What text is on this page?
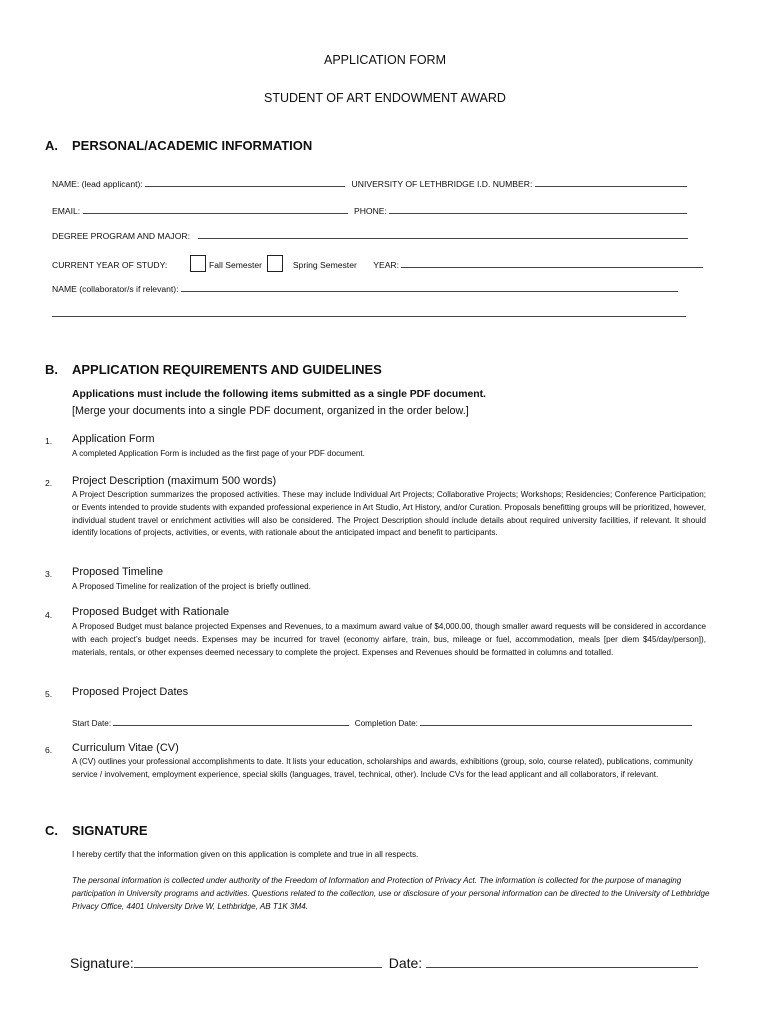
APPLICATION FORM
STUDENT OF ART ENDOWMENT AWARD
A. PERSONAL/ACADEMIC INFORMATION
NAME: (lead applicant):	UNIVERSITY OF LETHBRIDGE I.D. NUMBER:
EMAIL:	PHONE:
DEGREE PROGRAM AND MAJOR:
CURRENT YEAR OF STUDY:	Fall Semester	Spring Semester YEAR:
NAME (collaborator/s if relevant):
B. APPLICATION REQUIREMENTS AND GUIDELINES
Applications must include the following items submitted as a single PDF document.
[Merge your documents into a single PDF document, organized in the order below.]
1. Application Form
A completed Application Form is included as the first page of your PDF document.
2. Project Description (maximum 500 words)
A Project Description summarizes the proposed activities. These may include Individual Art Projects; Collaborative Projects; Workshops; Residencies; Conference Participation; or Events intended to provide students with expanded professional experience in Art Studio, Art History, and/or Curation. Proposals benefitting groups will be prioritized, however, individual student travel or enrichment activities will also be considered. The Project Description should include details about required university facilities, if relevant. It should identify locations of projects, activities, or events, with rationale about the anticipated impact and benefit to participants.
3. Proposed Timeline
A Proposed Timeline for realization of the project is briefly outlined.
4. Proposed Budget with Rationale
A Proposed Budget must balance projected Expenses and Revenues, to a maximum award value of $4,000.00, though smaller award requests will be considered in accordance with each project’s budget needs. Expenses may be incurred for travel (economy airfare, train, bus, mileage or fuel, accommodation, meals [per diem $45/day/person]), materials, rentals, or other expenses deemed necessary to complete the project. Expenses and Revenues should be formatted in columns and totalled.
5. Proposed Project Dates
Start Date:	Completion Date:
6. Curriculum Vitae (CV)
A (CV) outlines your professional accomplishments to date. It lists your education, scholarships and awards, exhibitions (group, solo, course related), publications, community service / involvement, employment experience, special skills (languages, travel, technical, other). Include CVs for the lead applicant and all collaborators, if relevant.
C. SIGNATURE
I hereby certify that the information given on this application is complete and true in all respects.
The personal information is collected under authority of the Freedom of Information and Protection of Privacy Act. The information is collected for the purpose of managing participation in University programs and activities. Questions related to the collection, use or disclosure of your personal information can be directed to the University of Lethbridge Privacy Office, 4401 University Drive W, Lethbridge, AB T1K 3M4.
Signature:	Date:
